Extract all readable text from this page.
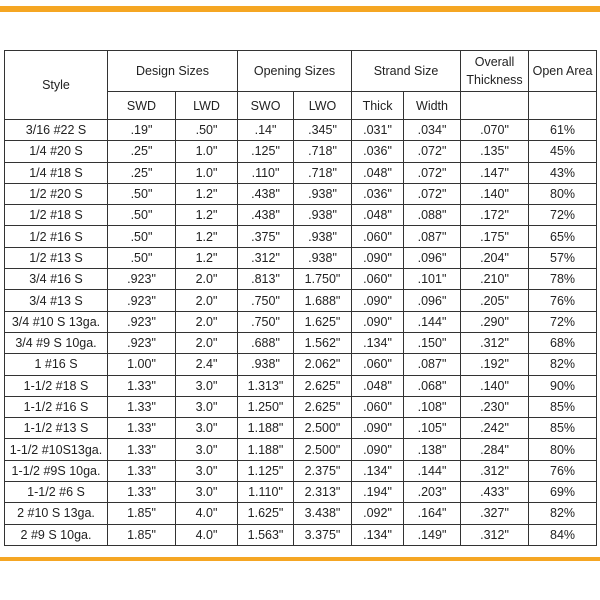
Style	Design Sizes		Opening Sizes		Strand Size		Overall Thickness	Open Area
	SWD	LWD	SWO	LWO	Thick	Width		
3/16 #22 S	.19"	.50"	.14"	.345"	.031"	.034"	.070"	61%
1/4 #20 S	.25"	1.0"	.125"	.718"	.036"	.072"	.135"	45%
1/4 #18 S	.25"	1.0"	.110"	.718"	.048"	.072"	.147"	43%
1/2 #20 S	.50"	1.2"	.438"	.938"	.036"	.072"	.140"	80%
1/2 #18 S	.50"	1.2"	.438"	.938"	.048"	.088"	.172"	72%
1/2 #16 S	.50"	1.2"	.375"	.938"	.060"	.087"	.175"	65%
1/2 #13 S	.50"	1.2"	.312"	.938"	.090"	.096"	.204"	57%
3/4 #16 S	.923"	2.0"	.813"	1.750"	.060"	.101"	.210"	78%
3/4 #13 S	.923"	2.0"	.750"	1.688"	.090"	.096"	.205"	76%
3/4 #10 S 13ga.	.923"	2.0"	.750"	1.625"	.090"	.144"	.290"	72%
3/4 #9 S 10ga.	.923"	2.0"	.688"	1.562"	.134"	.150"	.312"	68%
1 #16 S	1.00"	2.4"	.938"	2.062"	.060"	.087"	.192"	82%
1-1/2 #18 S	1.33"	3.0"	1.313"	2.625"	.048"	.068"	.140"	90%
1-1/2 #16 S	1.33"	3.0"	1.250"	2.625"	.060"	.108"	.230"	85%
1-1/2 #13 S	1.33"	3.0"	1.188"	2.500"	.090"	.105"	.242"	85%
1-1/2 #10S13ga.	1.33"	3.0"	1.188"	2.500"	.090"	.138"	.284"	80%
1-1/2 #9S 10ga.	1.33"	3.0"	1.125"	2.375"	.134"	.144"	.312"	76%
1-1/2 #6 S	1.33"	3.0"	1.110"	2.313"	.194"	.203"	.433"	69%
2 #10 S 13ga.	1.85"	4.0"	1.625"	3.438"	.092"	.164"	.327"	82%
2 #9 S 10ga.	1.85"	4.0"	1.563"	3.375"	.134"	.149"	.312"	84%
